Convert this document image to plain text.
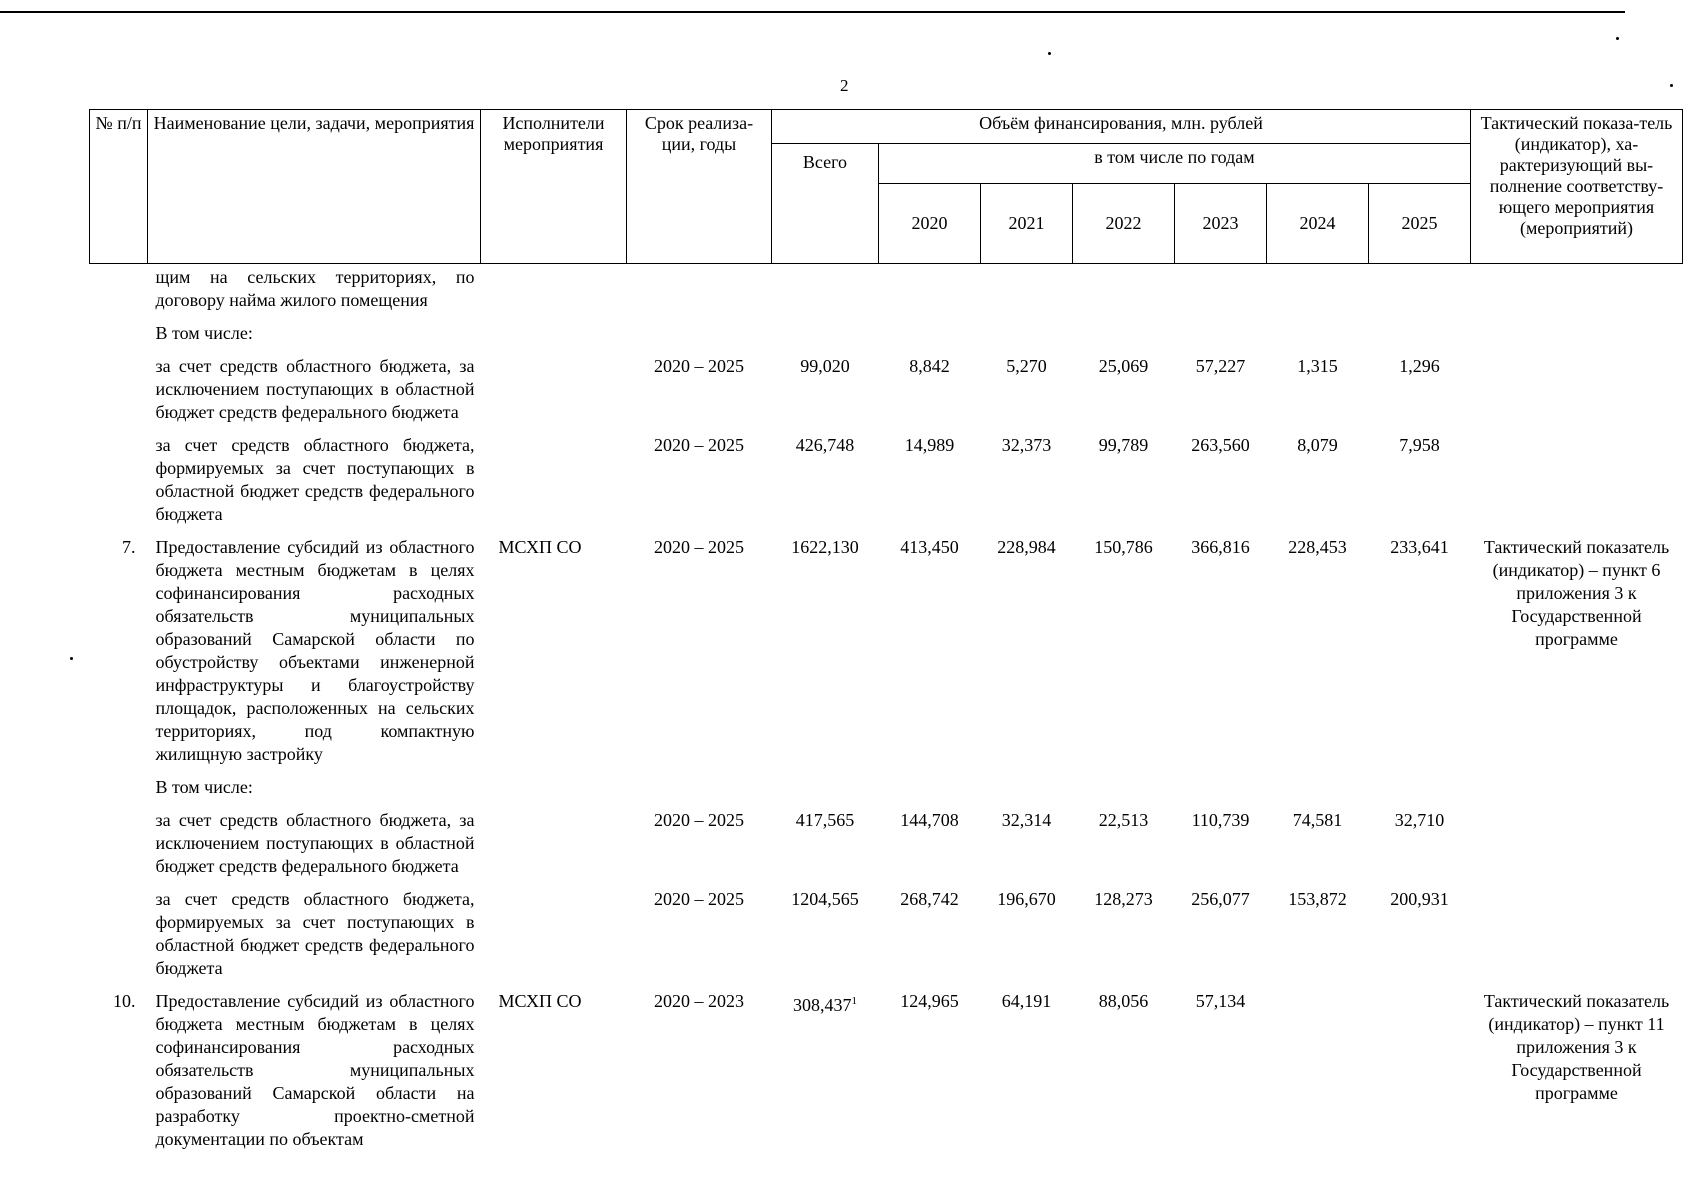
2
№ п/п	Наименование цели, задачи, мероприятия	Исполнители мероприятия	Срок реализа-ции, годы	Объём финансирования, млн. рублей							Тактический показа-тель (индикатор), ха-рактеризующий вы-полнение соответству-ющего мероприятия (мероприятий)
				Всего	в том числе по годам						
					2020	2021	2022	2023	2024	2025	
	щим на сельских территориях, по договору найма жилого помещения										
	В том числе:										
	за счет средств областного бюджета, за исключением поступающих в областной бюджет средств федерального бюджета		2020 – 2025	99,020	8,842	5,270	25,069	57,227	1,315	1,296	
	за счет средств областного бюджета, формируемых за счет поступающих в областной бюджет средств федерального бюджета		2020 – 2025	426,748	14,989	32,373	99,789	263,560	8,079	7,958	
7.	Предоставление субсидий из областного бюджета местным бюджетам в целях софинансирования расходных обязательств муниципальных образований Самарской области по обустройству объектами инженерной инфраструктуры и благоустройству площадок, расположенных на сельских территориях, под компактную жилищную застройку	МСХП СО	2020 – 2025	1622,130	413,450	228,984	150,786	366,816	228,453	233,641	Тактический показатель (индикатор) – пункт 6 приложения 3 к Государственной программе
	В том числе:										
	за счет средств областного бюджета, за исключением поступающих в областной бюджет средств федерального бюджета		2020 – 2025	417,565	144,708	32,314	22,513	110,739	74,581	32,710	
	за счет средств областного бюджета, формируемых за счет поступающих в областной бюджет средств федерального бюджета		2020 – 2025	1204,565	268,742	196,670	128,273	256,077	153,872	200,931	
10.	Предоставление субсидий из областного бюджета местным бюджетам в целях софинансирования расходных обязательств муниципальных образований Самарской области на разработку проектно-сметной документации по объектам	МСХП СО	2020 – 2023	308,437$^1$	124,965	64,191	88,056	57,134			Тактический показатель (индикатор) – пункт 11 приложения 3 к Государственной программе
